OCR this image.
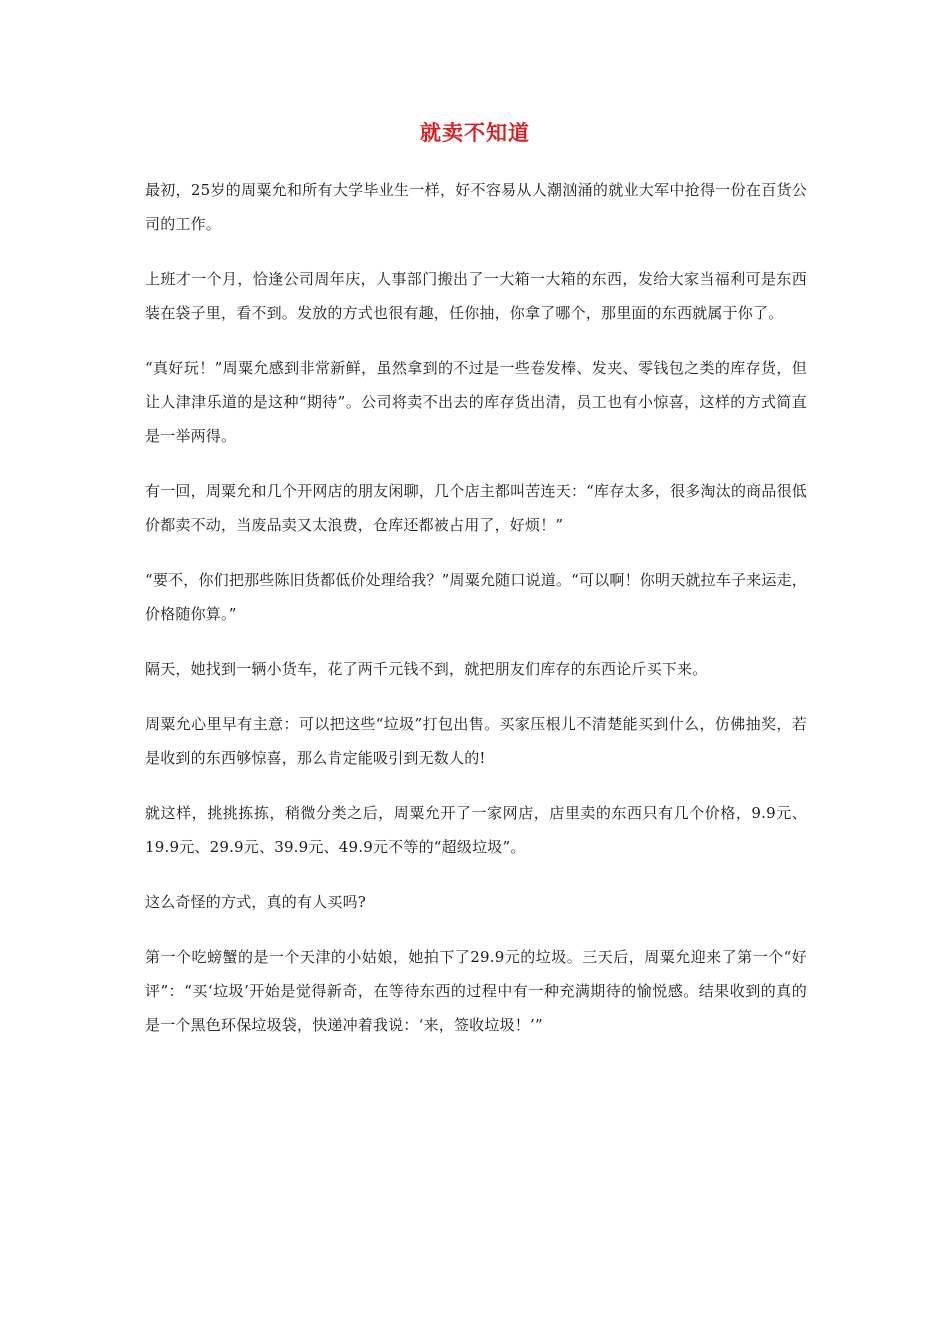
就卖不知道

最初，25岁的周粟允和所有大学毕业生一样，好不容易从人潮汹涌的就业大军中抢得一份在百货公司的工作。

上班才一个月，恰逢公司周年庆，人事部门搬出了一大箱一大箱的东西，发给大家当福利可是东西装在袋子里，看不到。发放的方式也很有趣，任你抽，你拿了哪个，那里面的东西就属于你了。

“真好玩！”周粟允感到非常新鲜，虽然拿到的不过是一些卷发棒、发夹、零钱包之类的库存货，但让人津津乐道的是这种“期待”。公司将卖不出去的库存货出清，员工也有小惊喜，这样的方式简直是一举两得。

有一回，周粟允和几个开网店的朋友闲聊，几个店主都叫苦连天：“库存太多，很多淘汰的商品很低价都卖不动，当废品卖又太浪费，仓库还都被占用了，好烦！”

“要不，你们把那些陈旧货都低价处理给我？”周粟允随口说道。“可以啊！你明天就拉车子来运走，价格随你算。”

隔天，她找到一辆小货车，花了两千元钱不到，就把朋友们库存的东西论斤买下来。

周粟允心里早有主意：可以把这些“垃圾”打包出售。买家压根儿不清楚能买到什么，仿佛抽奖，若是收到的东西够惊喜，那么肯定能吸引到无数人的!

就这样，挑挑拣拣，稍微分类之后，周粟允开了一家网店，店里卖的东西只有几个价格，9.9元、19.9元、29.9元、39.9元、49.9元不等的“超级垃圾”。

这么奇怪的方式，真的有人买吗?

第一个吃螃蟹的是一个天津的小姑娘，她拍下了29.9元的垃圾。三天后，周粟允迎来了第一个“好评”：“买‘垃圾’开始是觉得新奇，在等待东西的过程中有一种充满期待的愉悦感。结果收到的真的是一个黑色环保垃圾袋，快递冲着我说：‘来，签收垃圾！’”
